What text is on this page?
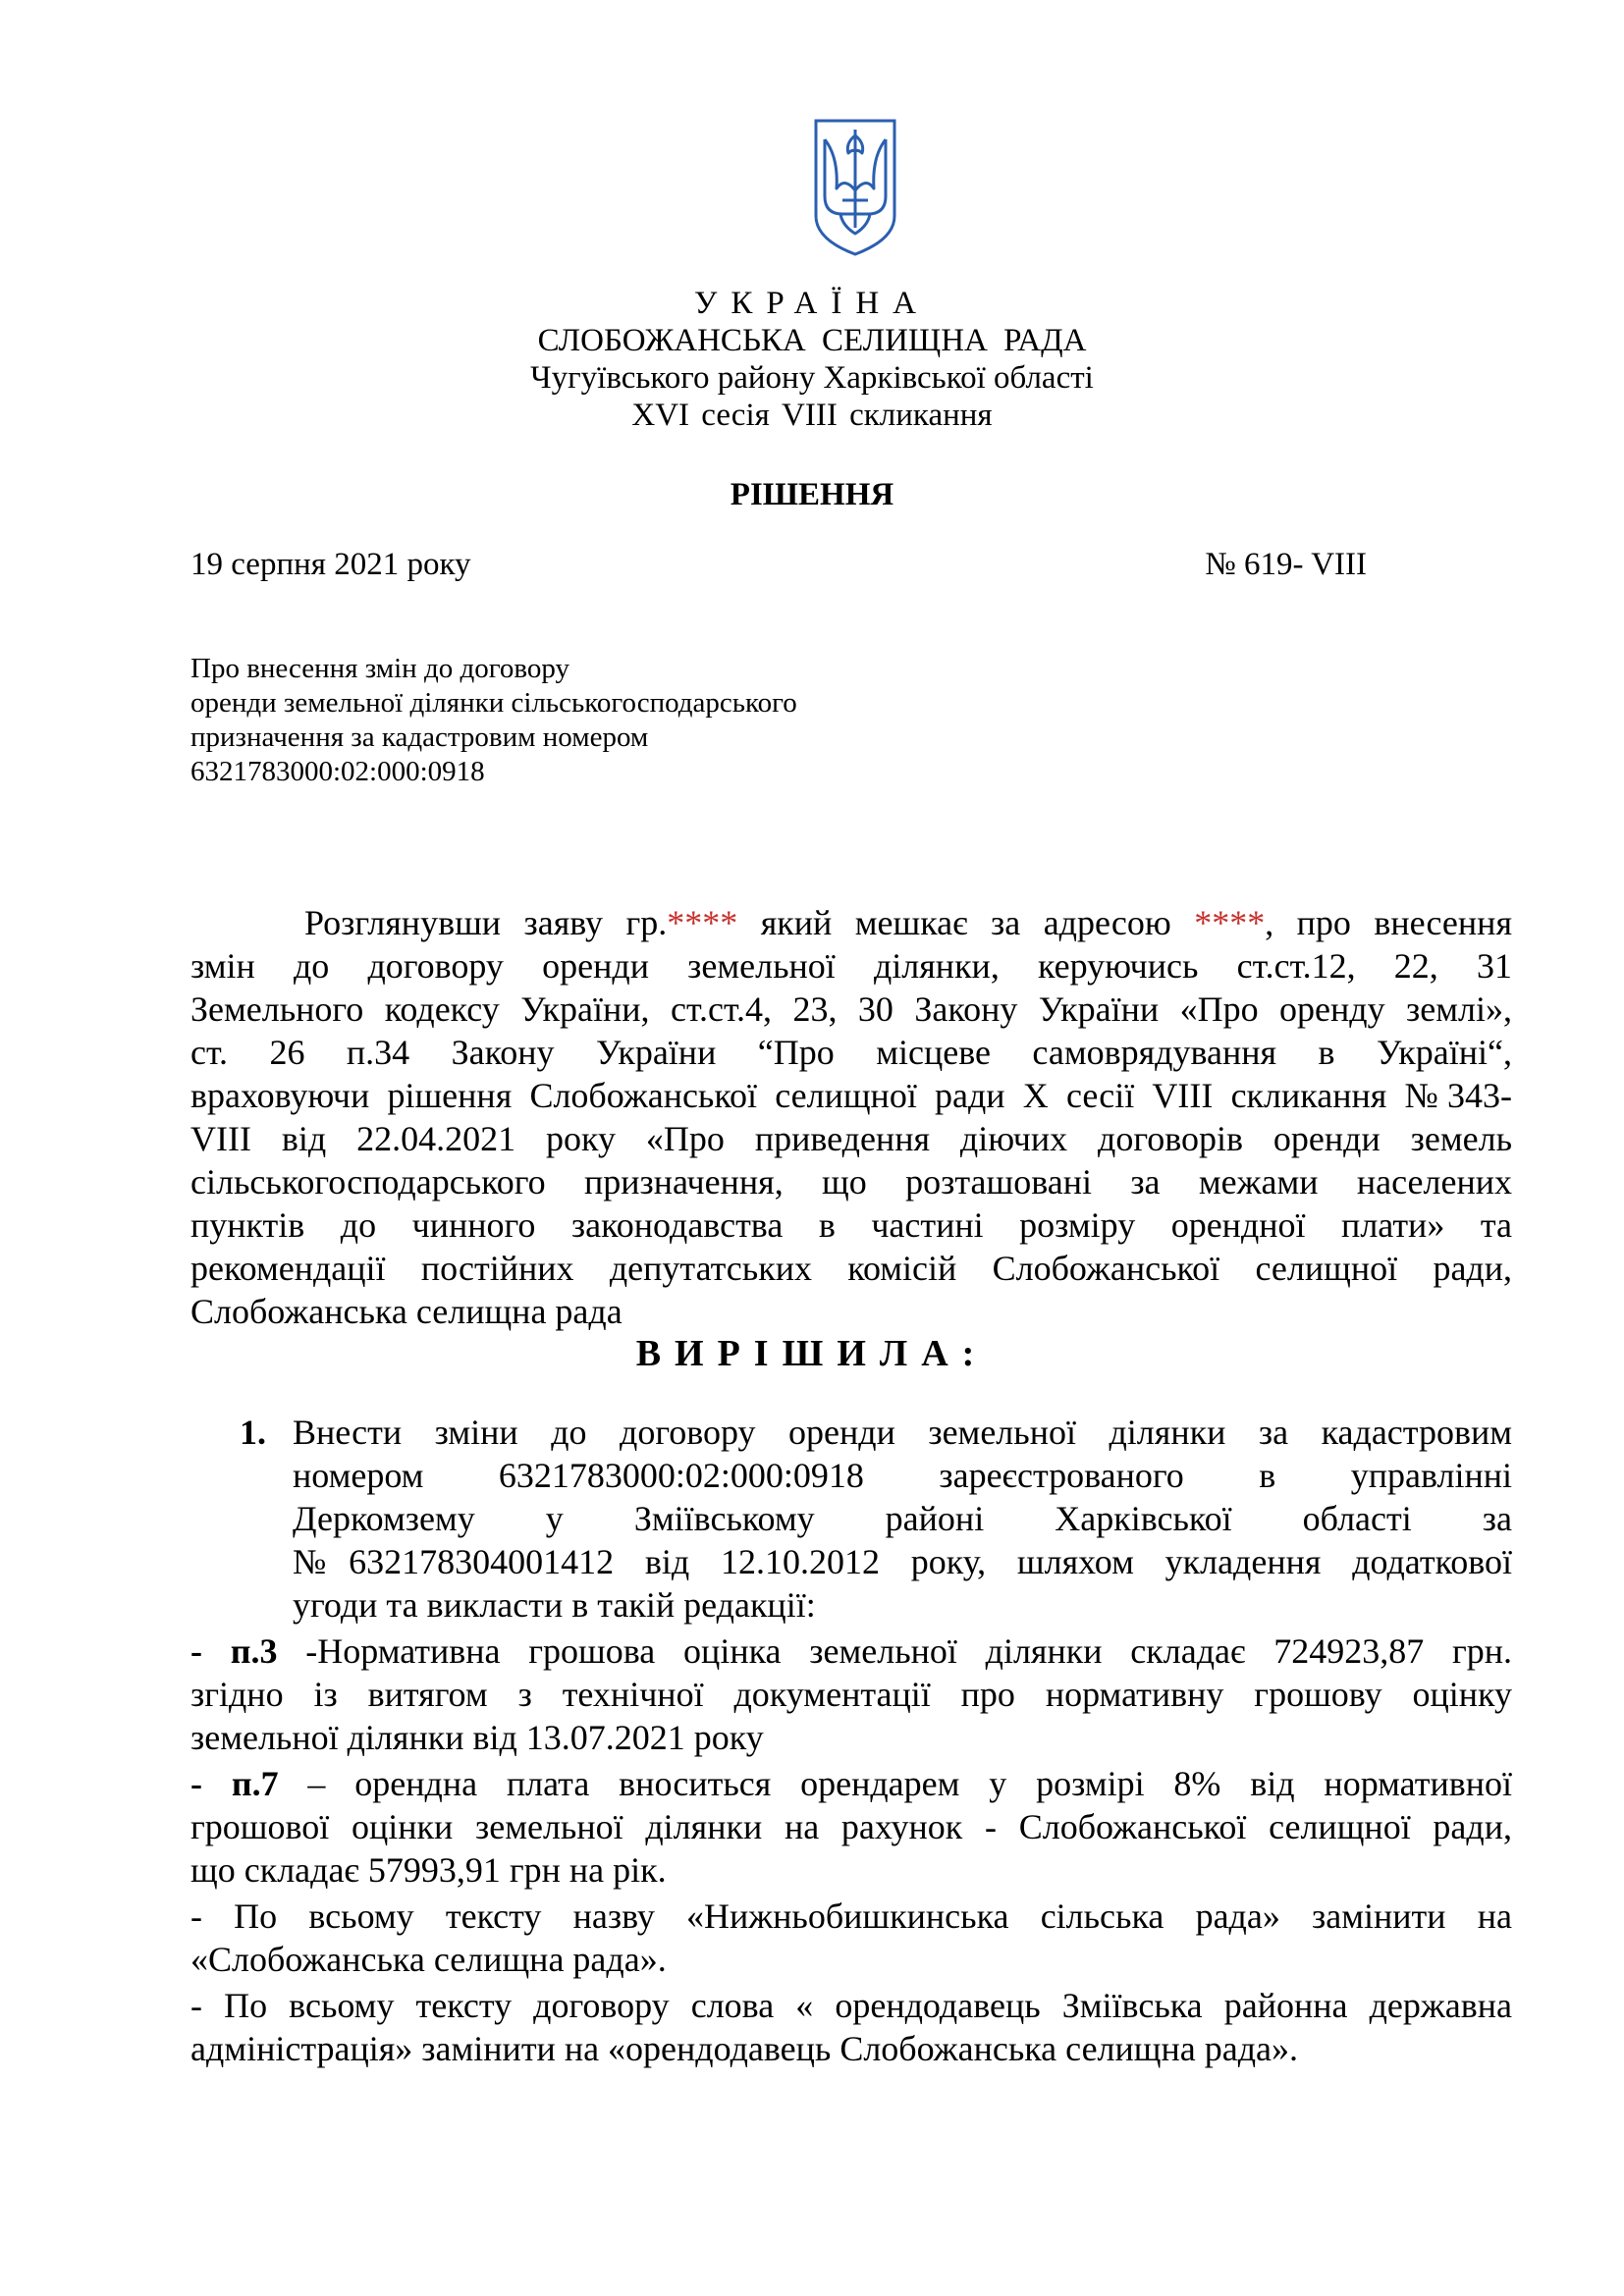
УКРАЇНА
СЛОБОЖАНСЬКА СЕЛИЩНА РАДА
Чугуївського району Харківської області
XVI сесія VIII скликання
РІШЕННЯ
19 серпня 2021 року	№ 619- VIII
Про внесення змін до договору
оренди земельної ділянки сільськогосподарського
призначення за кадастровим номером
6321783000:02:000:0918
Розглянувши заяву гр.**** який мешкає за адресою ****, про внесення
змін до договору оренди земельної ділянки, керуючись ст.ст.12, 22, 31
Земельного кодексу України, ст.ст.4, 23, 30 Закону України «Про оренду землі»,
ст. 26 п.34 Закону України “Про місцеве самоврядування в Україні“,
враховуючи рішення Слобожанської селищної ради X сесії VIII скликання №343-
VIII від 22.04.2021 року «Про приведення діючих договорів оренди земель
сільськогосподарського призначення, що розташовані за межами населених
пунктів до чинного законодавства в частині розміру орендної плати» та
рекомендації постійних депутатських комісій Слобожанської селищної ради,
Слобожанська селищна рада
ВИРІШИЛА:
1. Внести зміни до договору оренди земельної ділянки за кадастровим
номером 6321783000:02:000:0918 зареєстрованого в управлінні
Деркомзему у Зміївському районі Харківської області за
№632178304001412 від 12.10.2012 року, шляхом укладення додаткової
угоди та викласти в такій редакції:
- п.3 -Нормативна грошова оцінка земельної ділянки складає 724923,87 грн.
згідно із витягом з технічної документації про нормативну грошову оцінку
земельної ділянки від 13.07.2021 року
- п.7 – орендна плата вноситься орендарем у розмірі 8% від нормативної
грошової оцінки земельної ділянки на рахунок - Слобожанської селищної ради,
що складає 57993,91 грн на рік.
- По всьому тексту назву «Нижньобишкинська сільська рада» замінити на
«Слобожанська селищна рада».
- По всьому тексту договору слова « орендодавець Зміївська районна державна
адміністрація» замінити на «орендодавець Слобожанська селищна рада».
